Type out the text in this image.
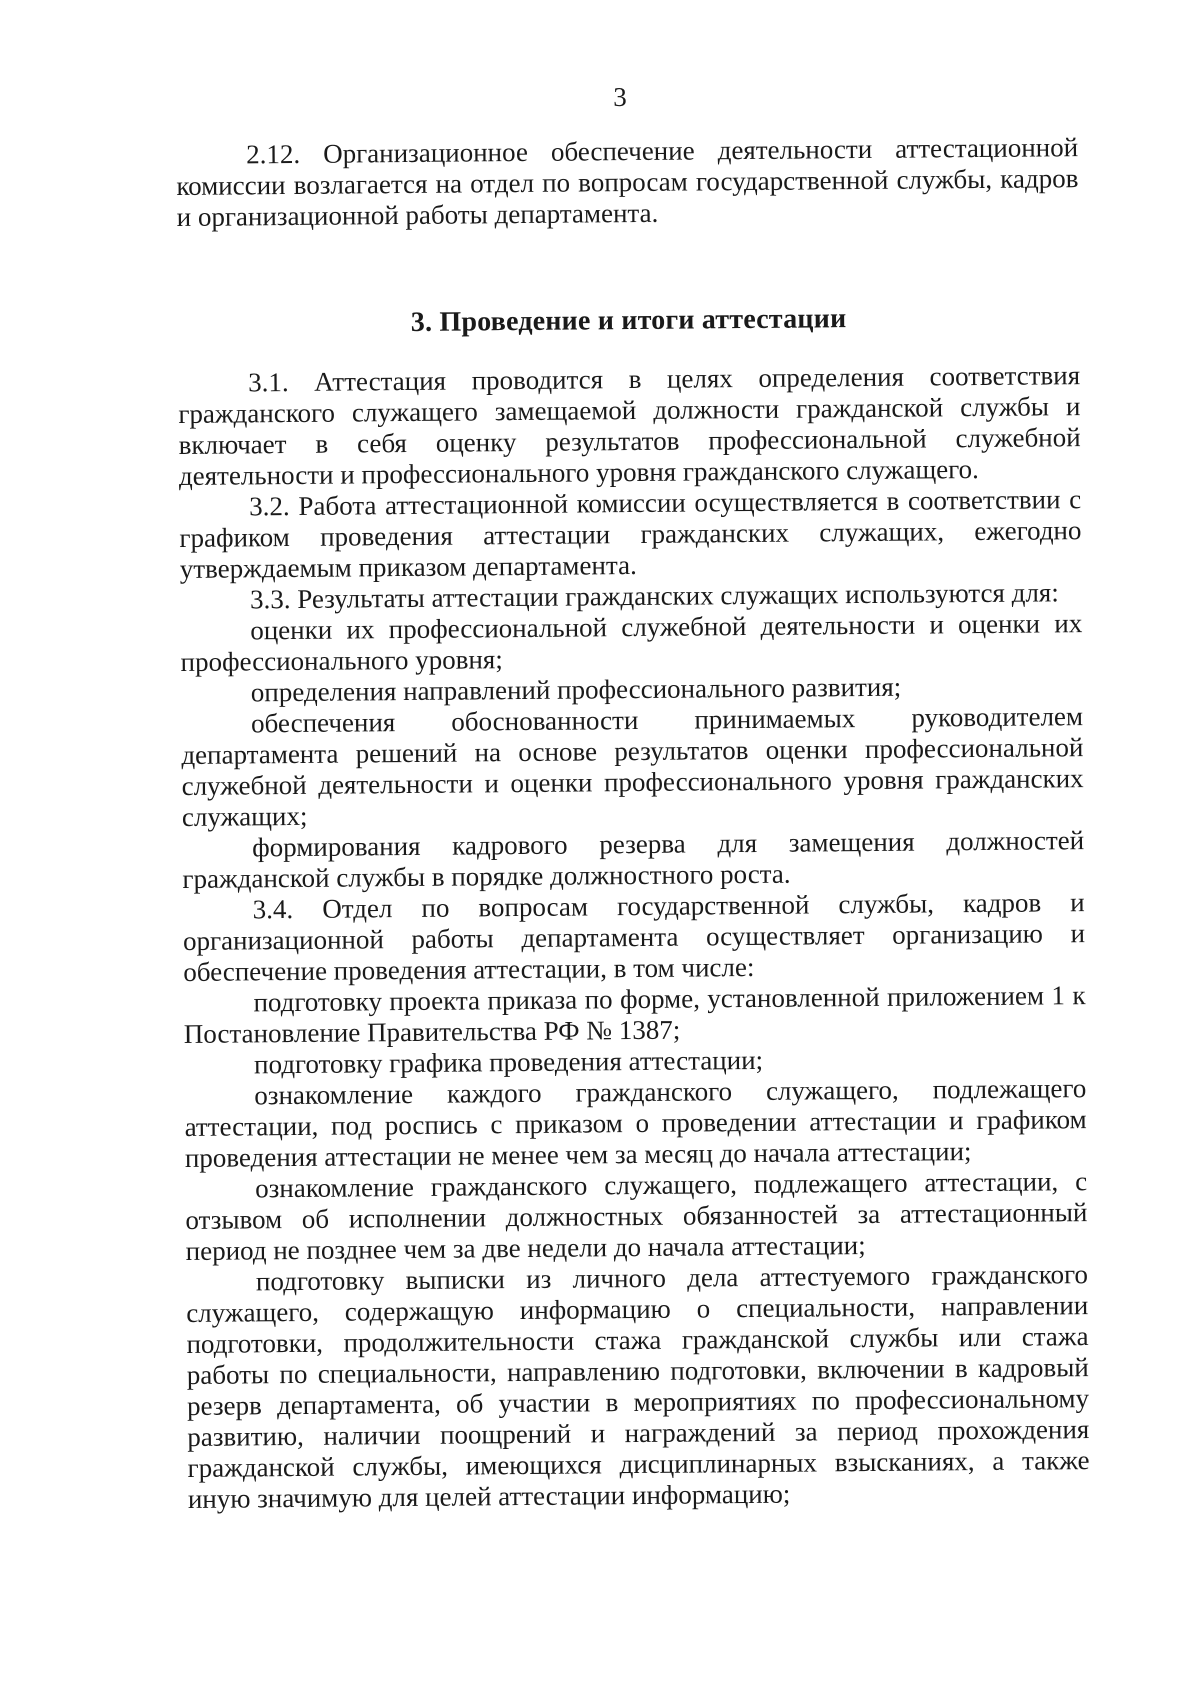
3

2.12. Организационное обеспечение деятельности аттестационной комиссии возлагается на отдел по вопросам государственной службы, кадров и организационной работы департамента.

3. Проведение и итоги аттестации

3.1. Аттестация проводится в целях определения соответствия гражданского служащего замещаемой должности гражданской службы и включает в себя оценку результатов профессиональной служебной деятельности и профессионального уровня гражданского служащего.

3.2. Работа аттестационной комиссии осуществляется в соответствии с графиком проведения аттестации гражданских служащих, ежегодно утверждаемым приказом департамента.

3.3. Результаты аттестации гражданских служащих используются для:

оценки их профессиональной служебной деятельности и оценки их профессионального уровня;

определения направлений профессионального развития;

обеспечения обоснованности принимаемых руководителем департамента решений на основе результатов оценки профессиональной служебной деятельности и оценки профессионального уровня гражданских служащих;

формирования кадрового резерва для замещения должностей гражданской службы в порядке должностного роста.

3.4. Отдел по вопросам государственной службы, кадров и организационной работы департамента осуществляет организацию и обеспечение проведения аттестации, в том числе:

подготовку проекта приказа по форме, установленной приложением 1 к Постановление Правительства РФ № 1387;

подготовку графика проведения аттестации;

ознакомление каждого гражданского служащего, подлежащего аттестации, под роспись с приказом о проведении аттестации и графиком проведения аттестации не менее чем за месяц до начала аттестации;

ознакомление гражданского служащего, подлежащего аттестации, с отзывом об исполнении должностных обязанностей за аттестационный период не позднее чем за две недели до начала аттестации;

подготовку выписки из личного дела аттестуемого гражданского служащего, содержащую информацию о специальности, направлении подготовки, продолжительности стажа гражданской службы или стажа работы по специальности, направлению подготовки, включении в кадровый резерв департамента, об участии в мероприятиях по профессиональному развитию, наличии поощрений и награждений за период прохождения гражданской службы, имеющихся дисциплинарных взысканиях, а также иную значимую для целей аттестации информацию;
